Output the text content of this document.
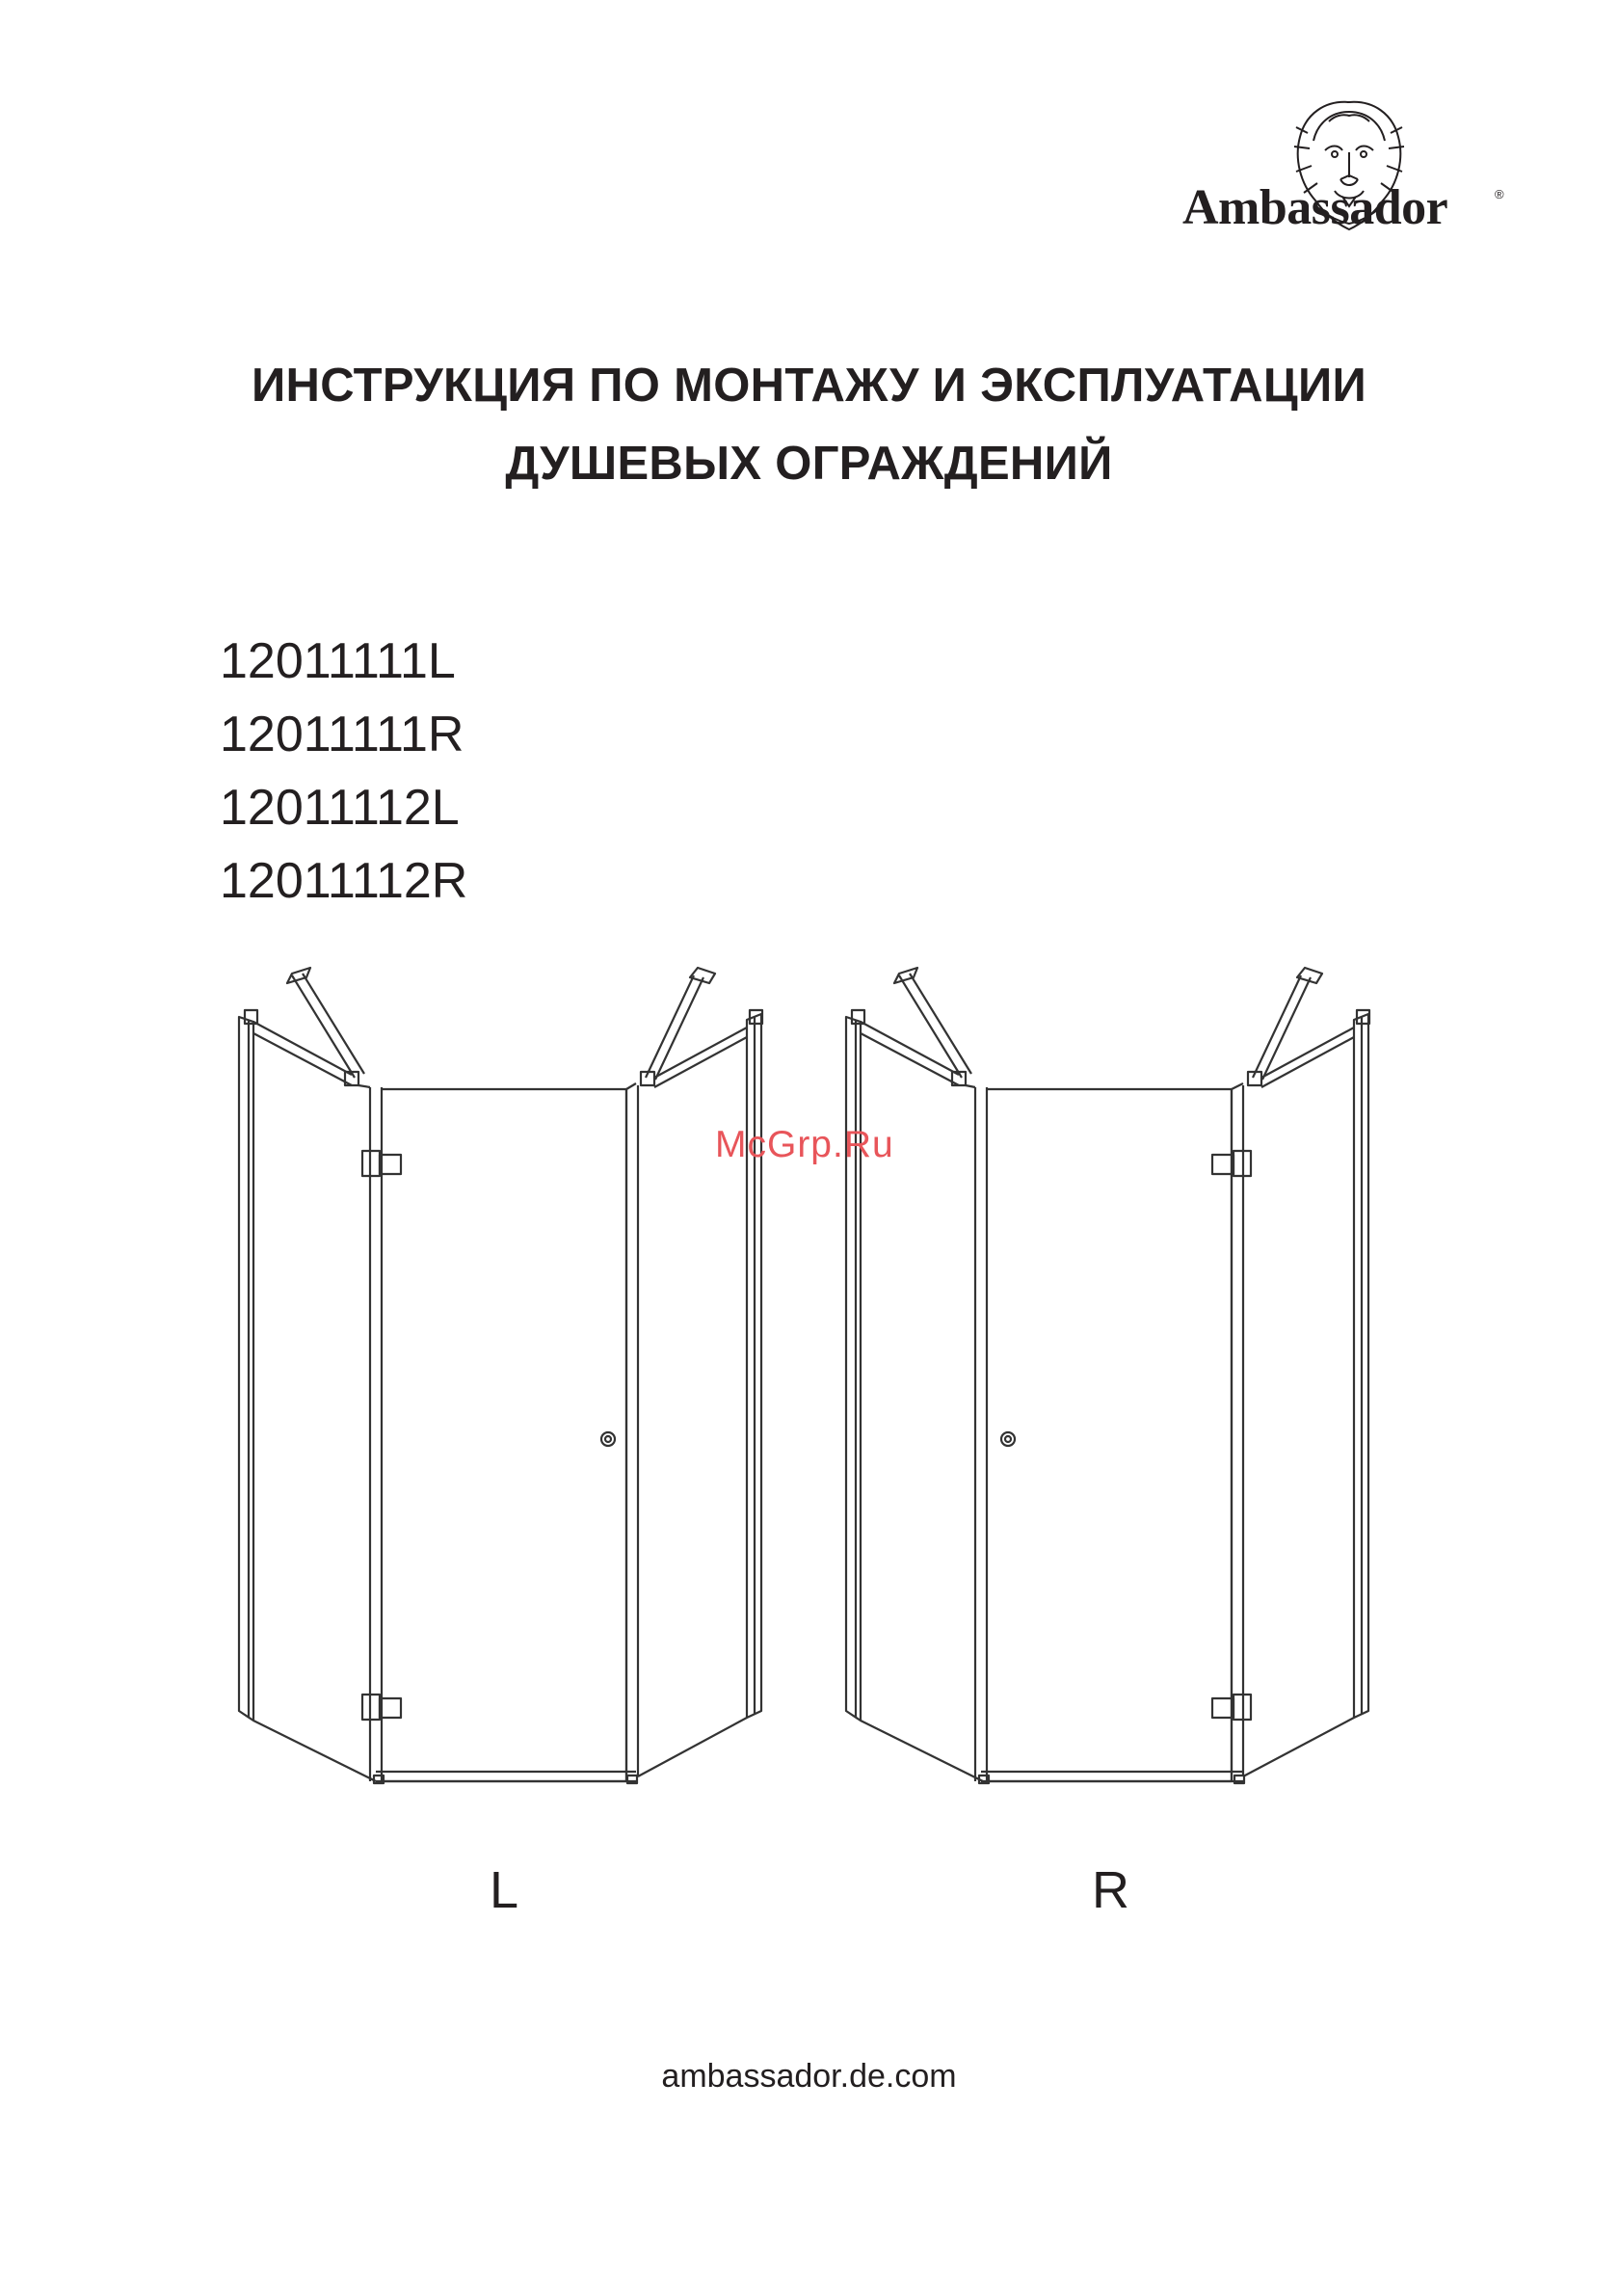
Ambassador	®
ИНСТРУКЦИЯ ПО МОНТАЖУ И ЭКСПЛУАТАЦИИ
ДУШЕВЫХ ОГРАЖДЕНИЙ
12011111L
12011111R
12011112L
12011112R
McGrp.Ru
L	R
ambassador.de.com
